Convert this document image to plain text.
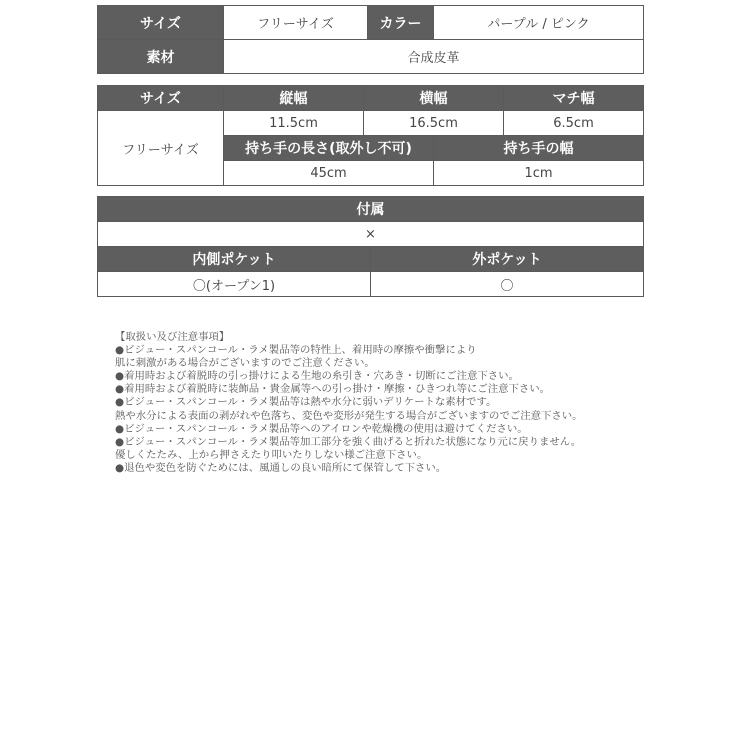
サイズ	フリーサイズ	カラー	パープル / ピンク
素材	合成皮革		
サイズ	縦幅	横幅		マチ幅
フリーサイズ	11.5cm	16.5cm		6.5cm
	持ち手の長さ(取外し不可)		持ち手の幅	
	45cm		1cm	
付属	
×	
内側ポケット	外ポケット
〇(オープン1)	〇
【取扱い及び注意事項】
●ビジュー・スパンコール・ラメ製品等の特性上、着用時の摩擦や衝撃により
肌に刺激がある場合がございますのでご注意ください。
●着用時および着脱時の引っ掛けによる生地の糸引き・穴あき・切断にご注意下さい。
●着用時および着脱時に装飾品・貴金属等への引っ掛け・摩擦・ひきつれ等にご注意下さい。
●ビジュー・スパンコール・ラメ製品等は熱や水分に弱いデリケートな素材です。
熱や水分による表面の剥がれや色落ち、変色や変形が発生する場合がございますのでご注意下さい。
●ビジュー・スパンコール・ラメ製品等へのアイロンや乾燥機の使用は避けてください。
●ビジュー・スパンコール・ラメ製品等加工部分を強く曲げると折れた状態になり元に戻りません。
優しくたたみ、上から押さえたり叩いたりしない様ご注意下さい。
●退色や変色を防ぐためには、風通しの良い暗所にて保管して下さい。
